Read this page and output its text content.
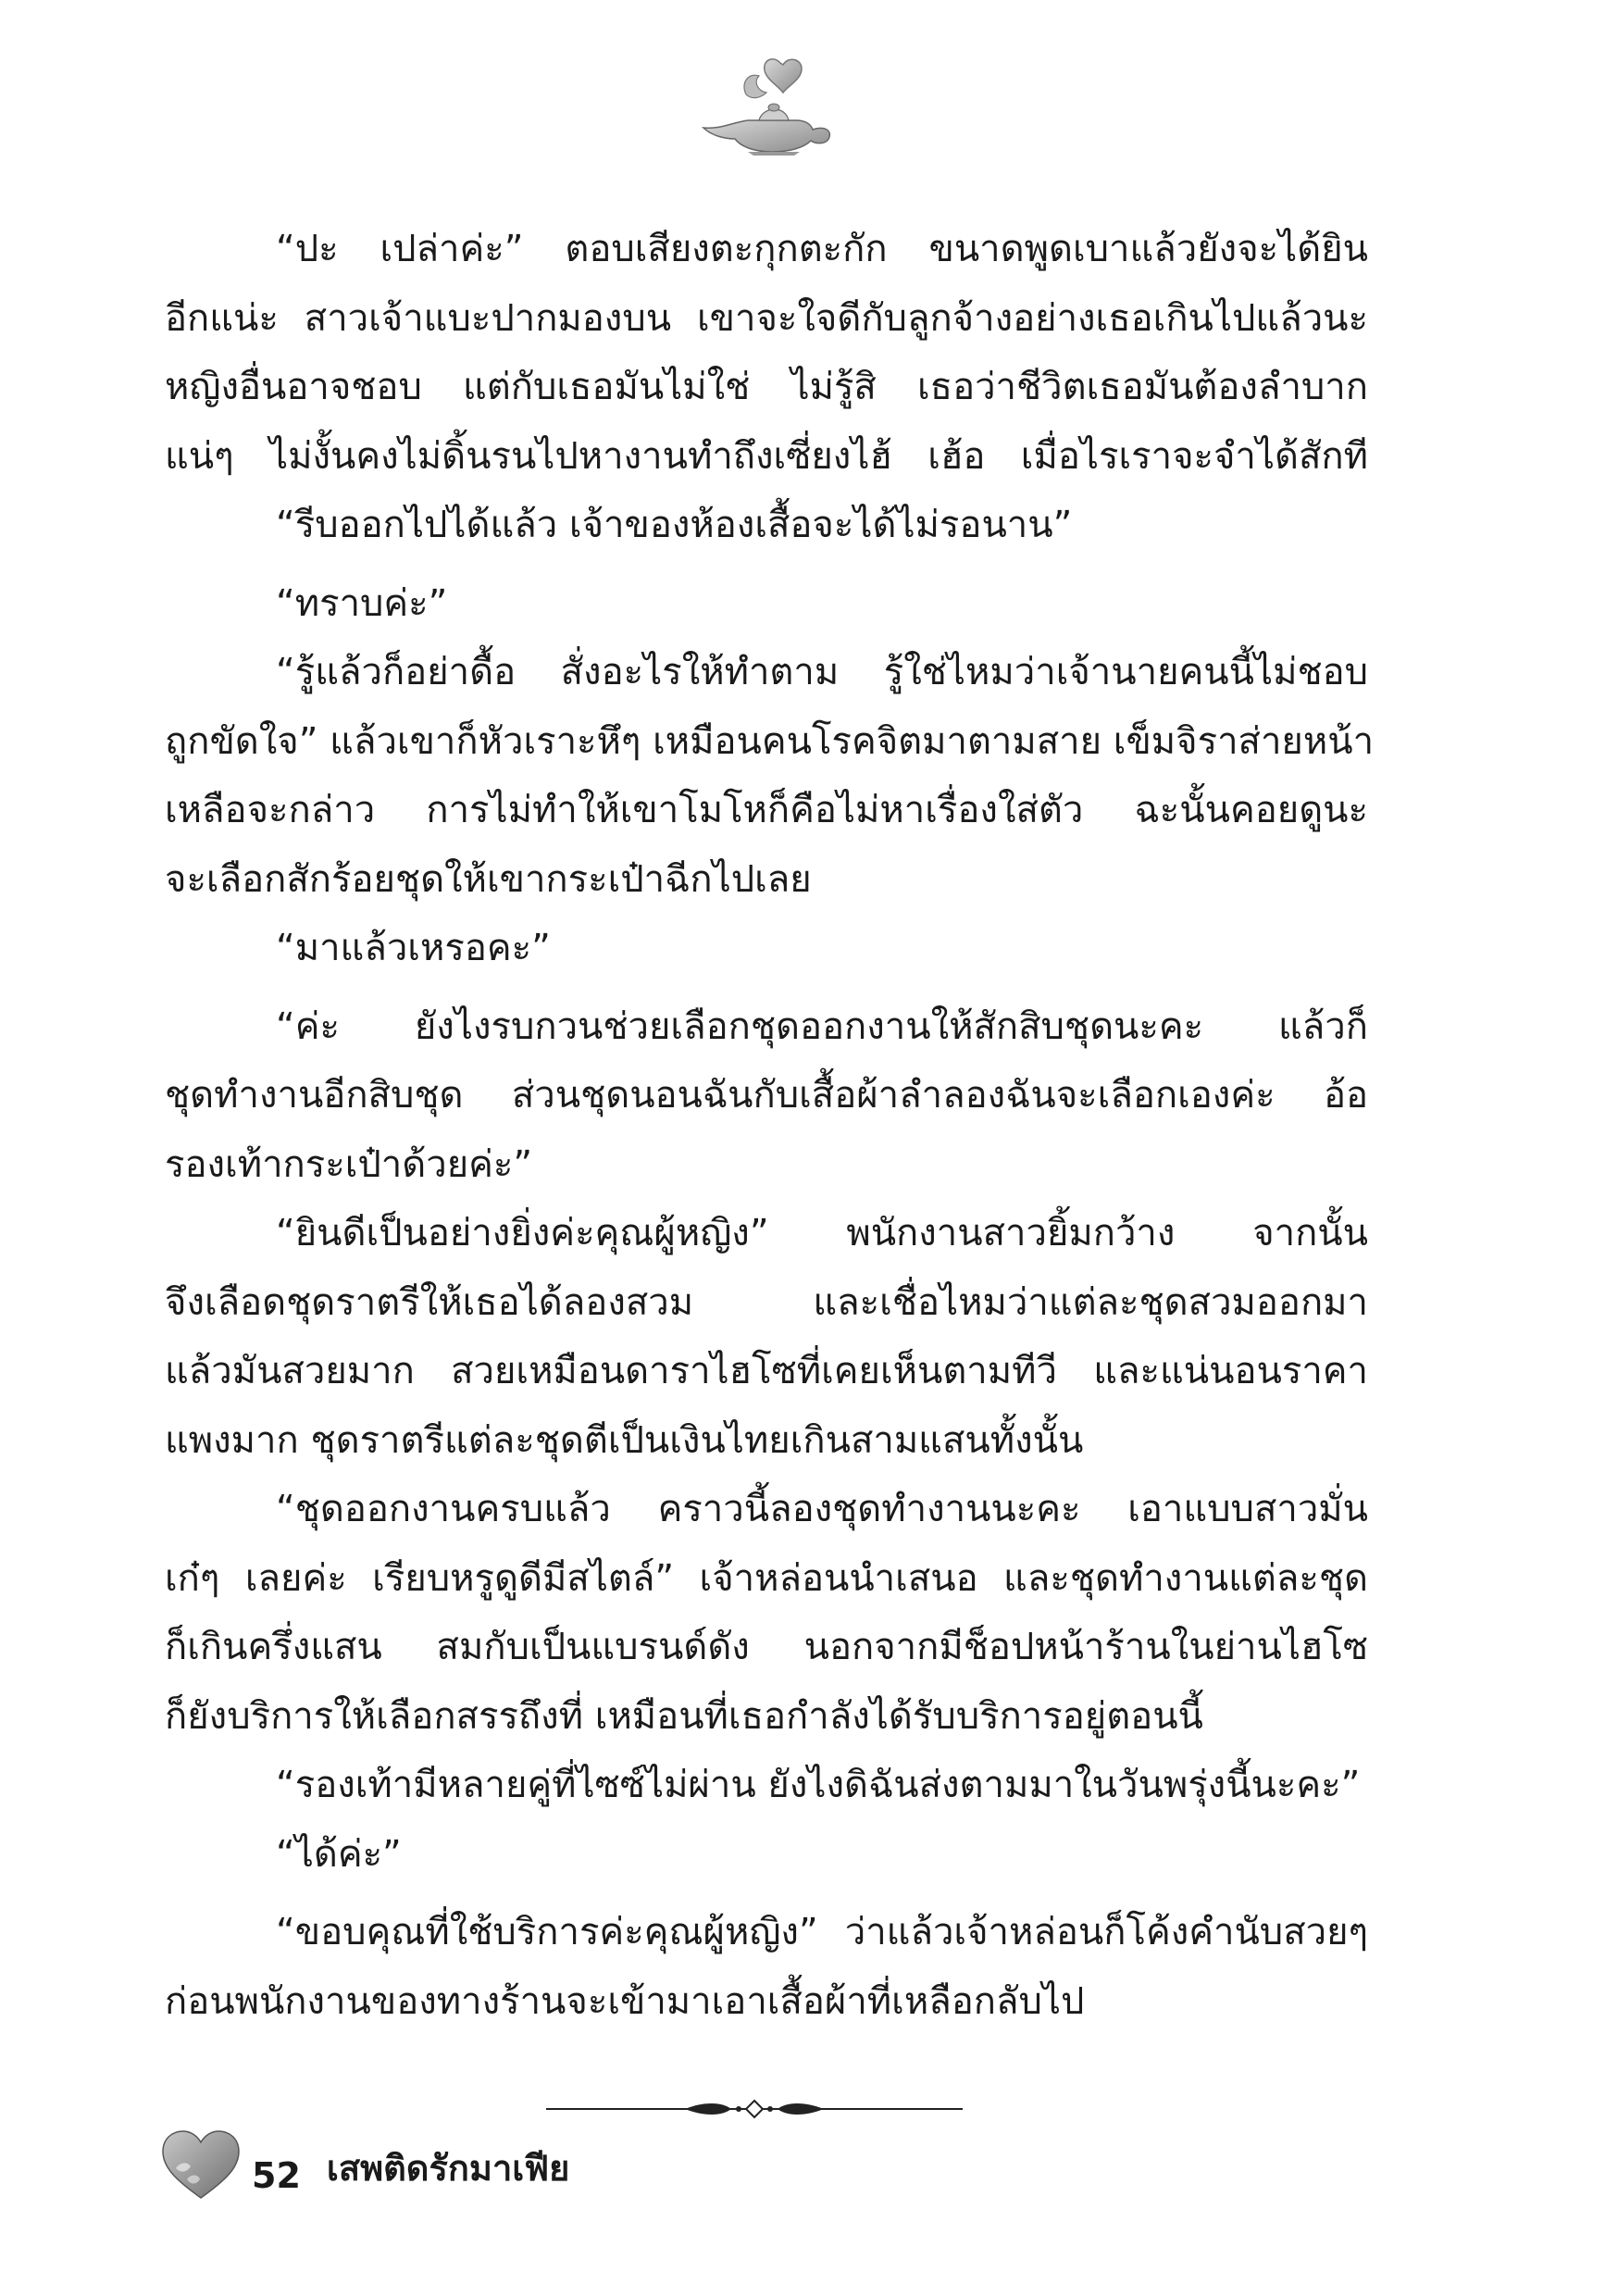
“ปะ เปล่าค่ะ” ตอบเสียงตะกุกตะกัก ขนาดพูดเบาแล้วยังจะได้ยิน
อีกแน่ะ สาวเจ้าแบะปากมองบน เขาจะใจดีกับลูกจ้างอย่างเธอเกินไปแล้วนะ
หญิงอื่นอาจชอบ แต่กับเธอมันไม่ใช่ ไม่รู้สิ เธอว่าชีวิตเธอมันต้องลำบาก
แน่ๆ ไม่งั้นคงไม่ดิ้นรนไปหางานทำถึงเซี่ยงไฮ้ เฮ้อ เมื่อไรเราจะจำได้สักที
“รีบออกไปได้แล้ว เจ้าของห้องเสื้อจะได้ไม่รอนาน”
“ทราบค่ะ”
“รู้แล้วก็อย่าดื้อ สั่งอะไรให้ทำตาม รู้ใช่ไหมว่าเจ้านายคนนี้ไม่ชอบ
ถูกขัดใจ” แล้วเขาก็หัวเราะหึๆ เหมือนคนโรคจิตมาตามสาย เข็มจิราส่ายหน้า
เหลือจะกล่าว การไม่ทำให้เขาโมโหก็คือไม่หาเรื่องใส่ตัว ฉะนั้นคอยดูนะ
จะเลือกสักร้อยชุดให้เขากระเป๋าฉีกไปเลย
“มาแล้วเหรอคะ”
“ค่ะ ยังไงรบกวนช่วยเลือกชุดออกงานให้สักสิบชุดนะคะ แล้วก็
ชุดทำงานอีกสิบชุด ส่วนชุดนอนฉันกับเสื้อผ้าลำลองฉันจะเลือกเองค่ะ อ้อ
รองเท้ากระเป๋าด้วยค่ะ”
“ยินดีเป็นอย่างยิ่งค่ะคุณผู้หญิง” พนักงานสาวยิ้มกว้าง จากนั้น
จึงเลือดชุดราตรีให้เธอได้ลองสวม และเชื่อไหมว่าแต่ละชุดสวมออกมา
แล้วมันสวยมาก สวยเหมือนดาราไฮโซที่เคยเห็นตามทีวี และแน่นอนราคา
แพงมาก ชุดราตรีแต่ละชุดตีเป็นเงินไทยเกินสามแสนทั้งนั้น
“ชุดออกงานครบแล้ว คราวนี้ลองชุดทำงานนะคะ เอาแบบสาวมั่น
เก๋ๆ เลยค่ะ เรียบหรูดูดีมีสไตล์” เจ้าหล่อนนำเสนอ และชุดทำงานแต่ละชุด
ก็เกินครึ่งแสน สมกับเป็นแบรนด์ดัง นอกจากมีช็อปหน้าร้านในย่านไฮโซ
ก็ยังบริการให้เลือกสรรถึงที่ เหมือนที่เธอกำลังได้รับบริการอยู่ตอนนี้
“รองเท้ามีหลายคู่ที่ไซซ์ไม่ผ่าน ยังไงดิฉันส่งตามมาในวันพรุ่งนี้นะคะ”
“ได้ค่ะ”
“ขอบคุณที่ใช้บริการค่ะคุณผู้หญิง” ว่าแล้วเจ้าหล่อนก็โค้งคำนับสวยๆ
ก่อนพนักงานของทางร้านจะเข้ามาเอาเสื้อผ้าที่เหลือกลับไป
52 เสพติดรักมาเฟีย
